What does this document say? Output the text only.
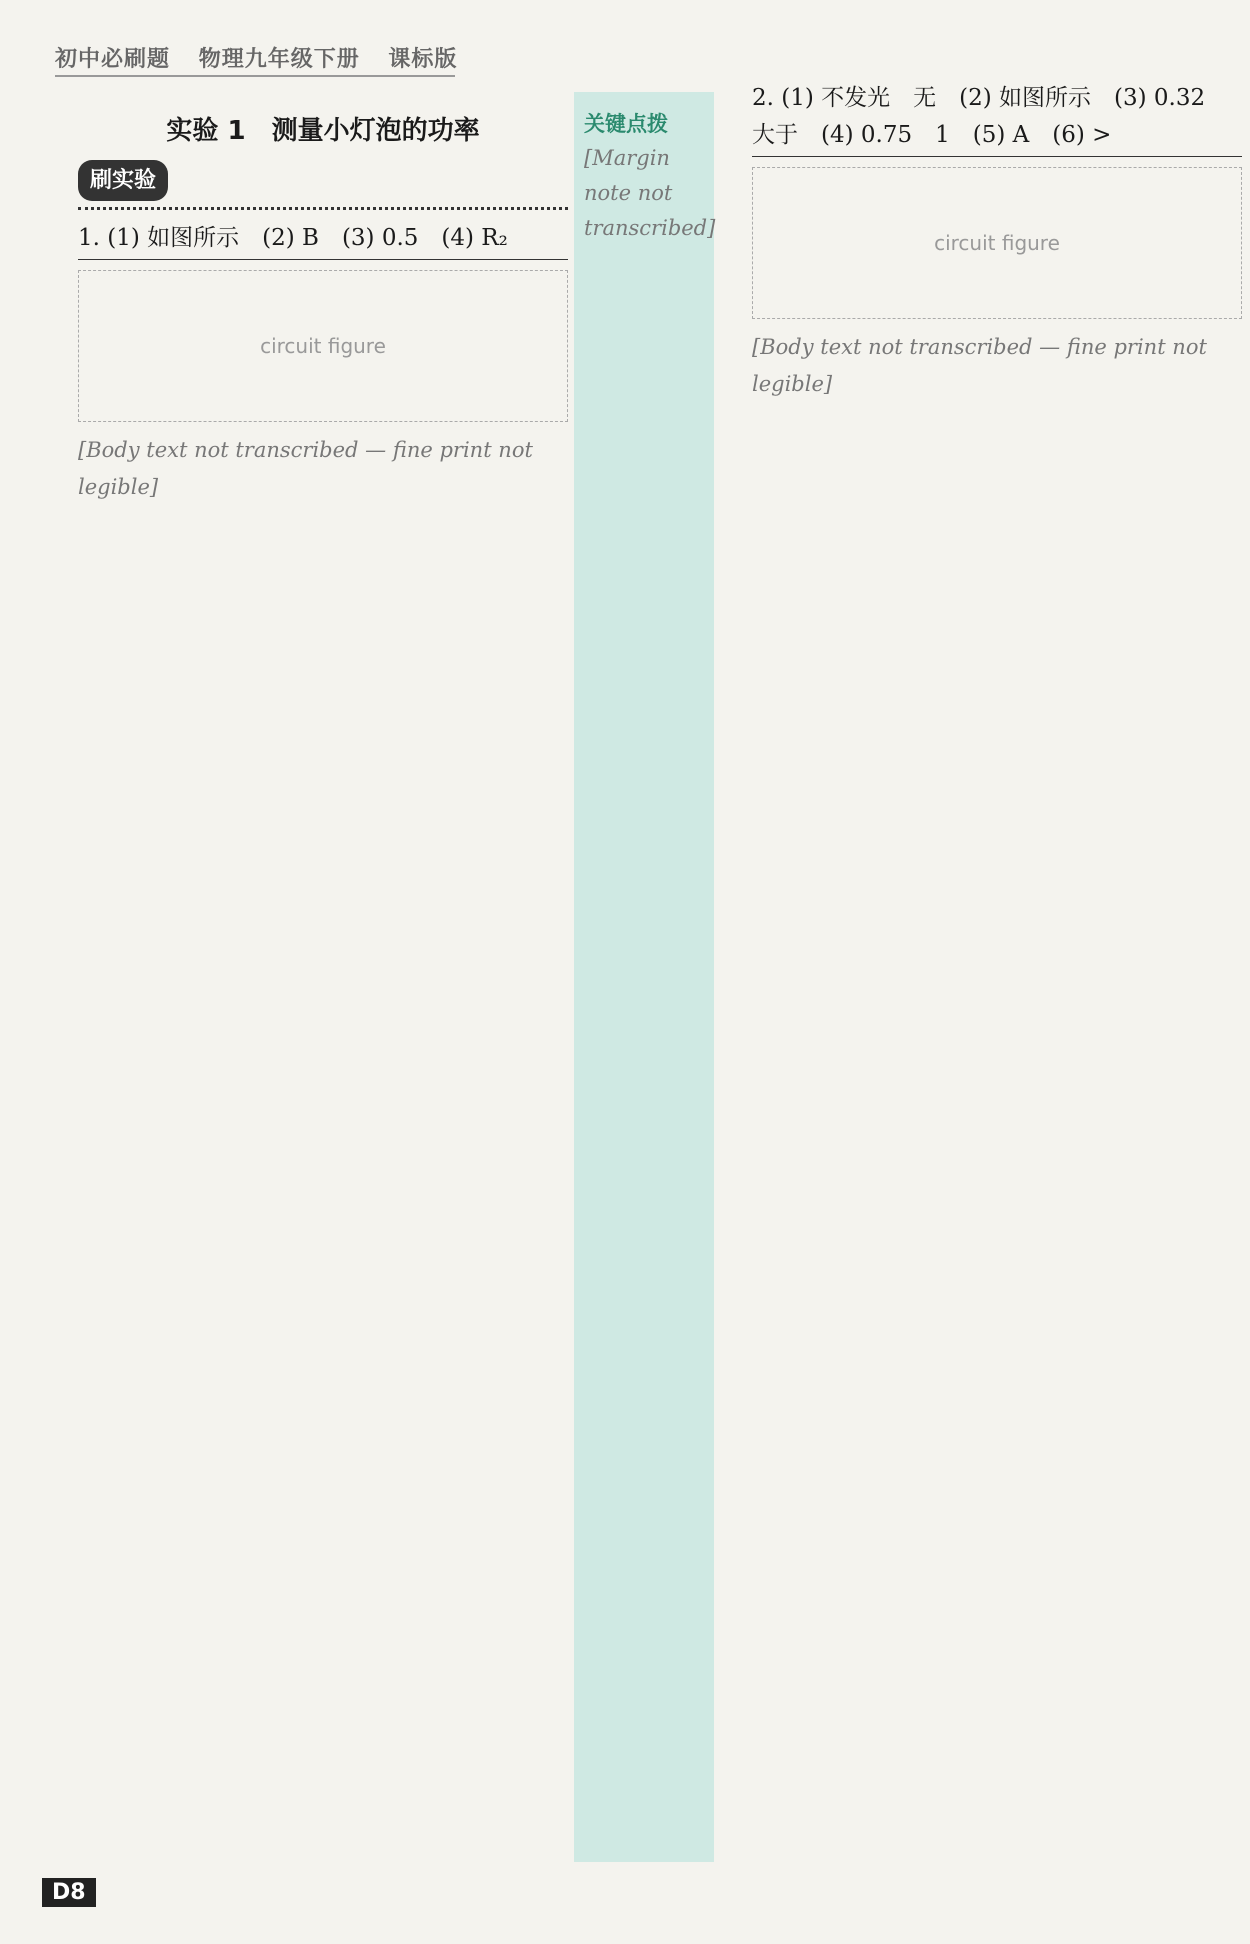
初中必刷题 物理九年级下册 课标版
实验 1　测量小灯泡的功率
刷实验
1. (1) 如图所示　(2) B　(3) 0.5　(4) R₂
circuit figure
[Body text not transcribed — fine print not legible]
关键点拨
[Margin note not transcribed]
2. (1) 不发光　无　(2) 如图所示　(3) 0.32　大于　(4) 0.75　1　(5) A　(6) >
circuit figure
[Body text not transcribed — fine print not legible]
D8
